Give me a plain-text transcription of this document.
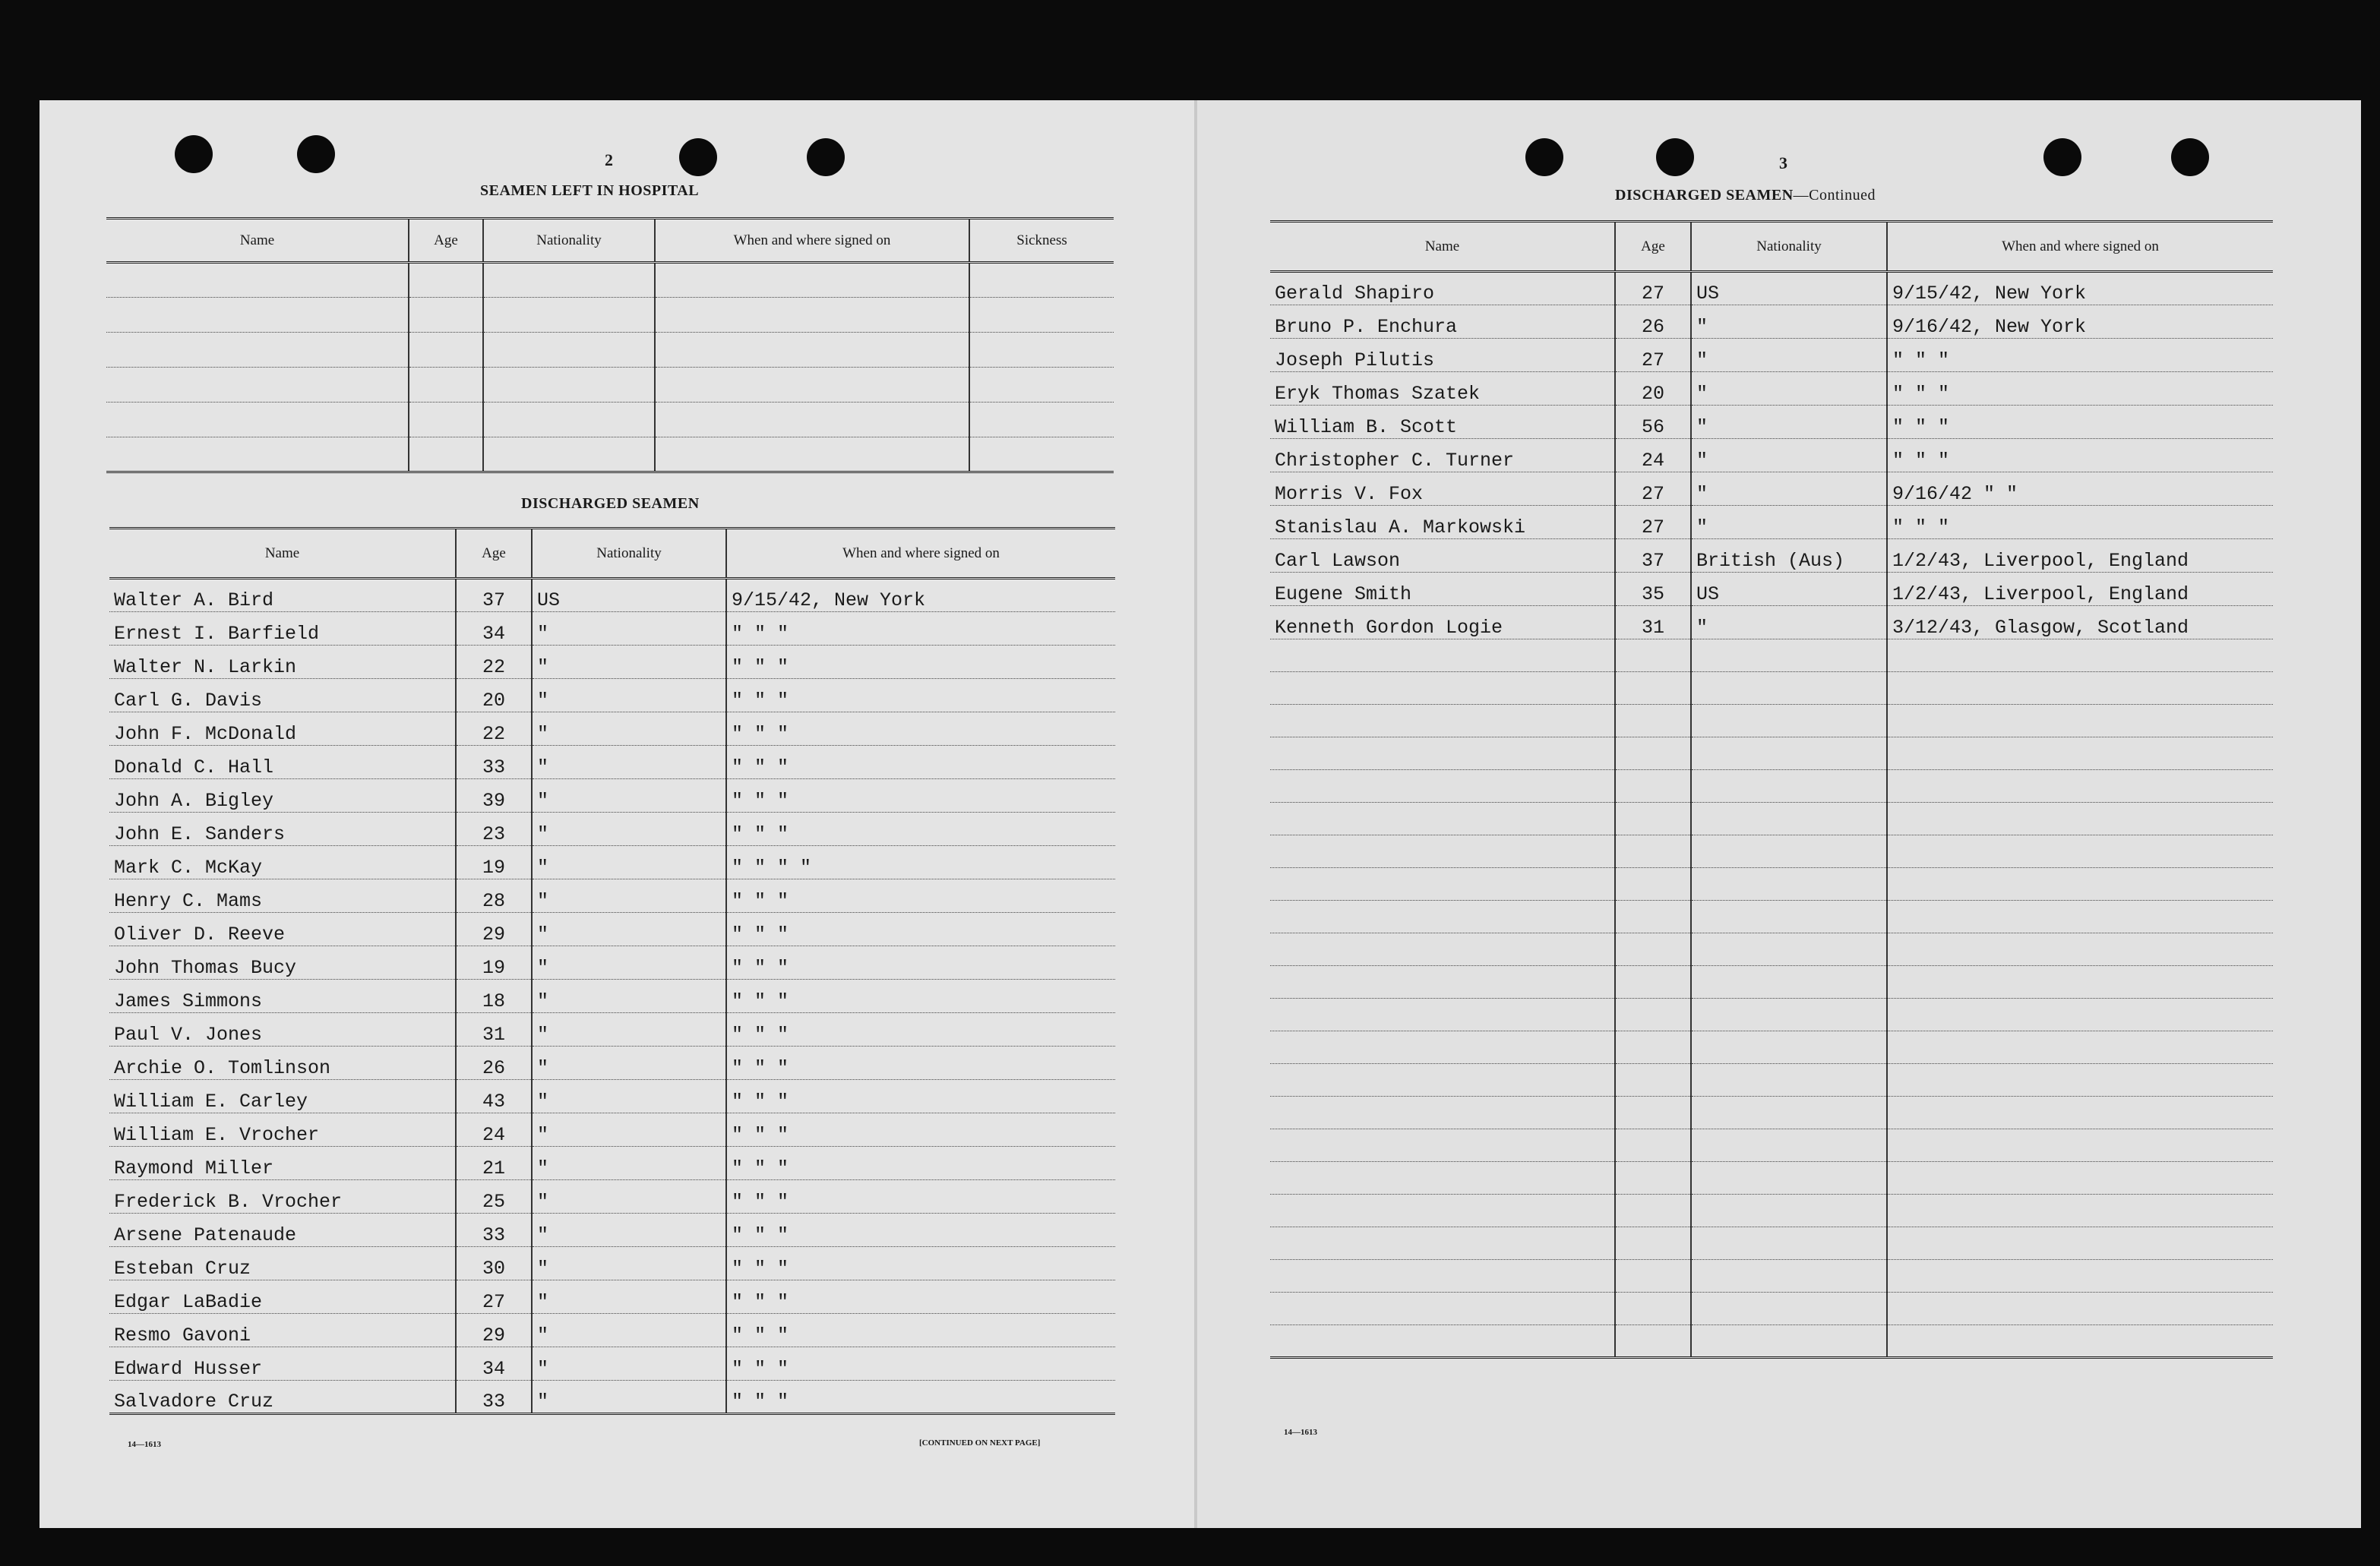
2
SEAMEN LEFT IN HOSPITAL
Name	Age	Nationality	When and where signed on	Sickness

DISCHARGED SEAMEN
Name	Age	Nationality	When and where signed on
Walter A. Bird	37	US	9/15/42, New York
Ernest I. Barfield	34	"	" " "
Walter N. Larkin	22	"	" " "
Carl G. Davis	20	"	" " "
John F. McDonald	22	"	" " "
Donald C. Hall	33	"	" " "
John A. Bigley	39	"	" " "
John E. Sanders	23	"	" " "
Mark C. McKay	19	"	" " " "
Henry C. Mams	28	"	" " "
Oliver D. Reeve	29	"	" " "
John Thomas Bucy	19	"	" " "
James Simmons	18	"	" " "
Paul V. Jones	31	"	" " "
Archie O. Tomlinson	26	"	" " "
William E. Carley	43	"	" " "
William E. Vrocher	24	"	" " "
Raymond Miller	21	"	" " "
Frederick B. Vrocher	25	"	" " "
Arsene Patenaude	33	"	" " "
Esteban Cruz	30	"	" " "
Edgar LaBadie	27	"	" " "
Resmo Gavoni	29	"	" " "
Edward Husser	34	"	" " "
Salvadore Cruz	33	"	" " "
14—1613	[CONTINUED ON NEXT PAGE]
3
DISCHARGED SEAMEN—Continued
Name	Age	Nationality	When and where signed on
Gerald Shapiro	27	US	9/15/42, New York
Bruno P. Enchura	26	"	9/16/42, New York
Joseph Pilutis	27	"	" " "
Eryk Thomas Szatek	20	"	" " "
William B. Scott	56	"	" " "
Christopher C. Turner	24	"	" " "
Morris V. Fox	27	"	9/16/42 " "
Stanislau A. Markowski	27	"	" " "
Carl Lawson	37	British (Aus)	1/2/43, Liverpool, England
Eugene Smith	35	US	1/2/43, Liverpool, England
Kenneth Gordon Logie	31	"	3/12/43, Glasgow, Scotland

14—1613
